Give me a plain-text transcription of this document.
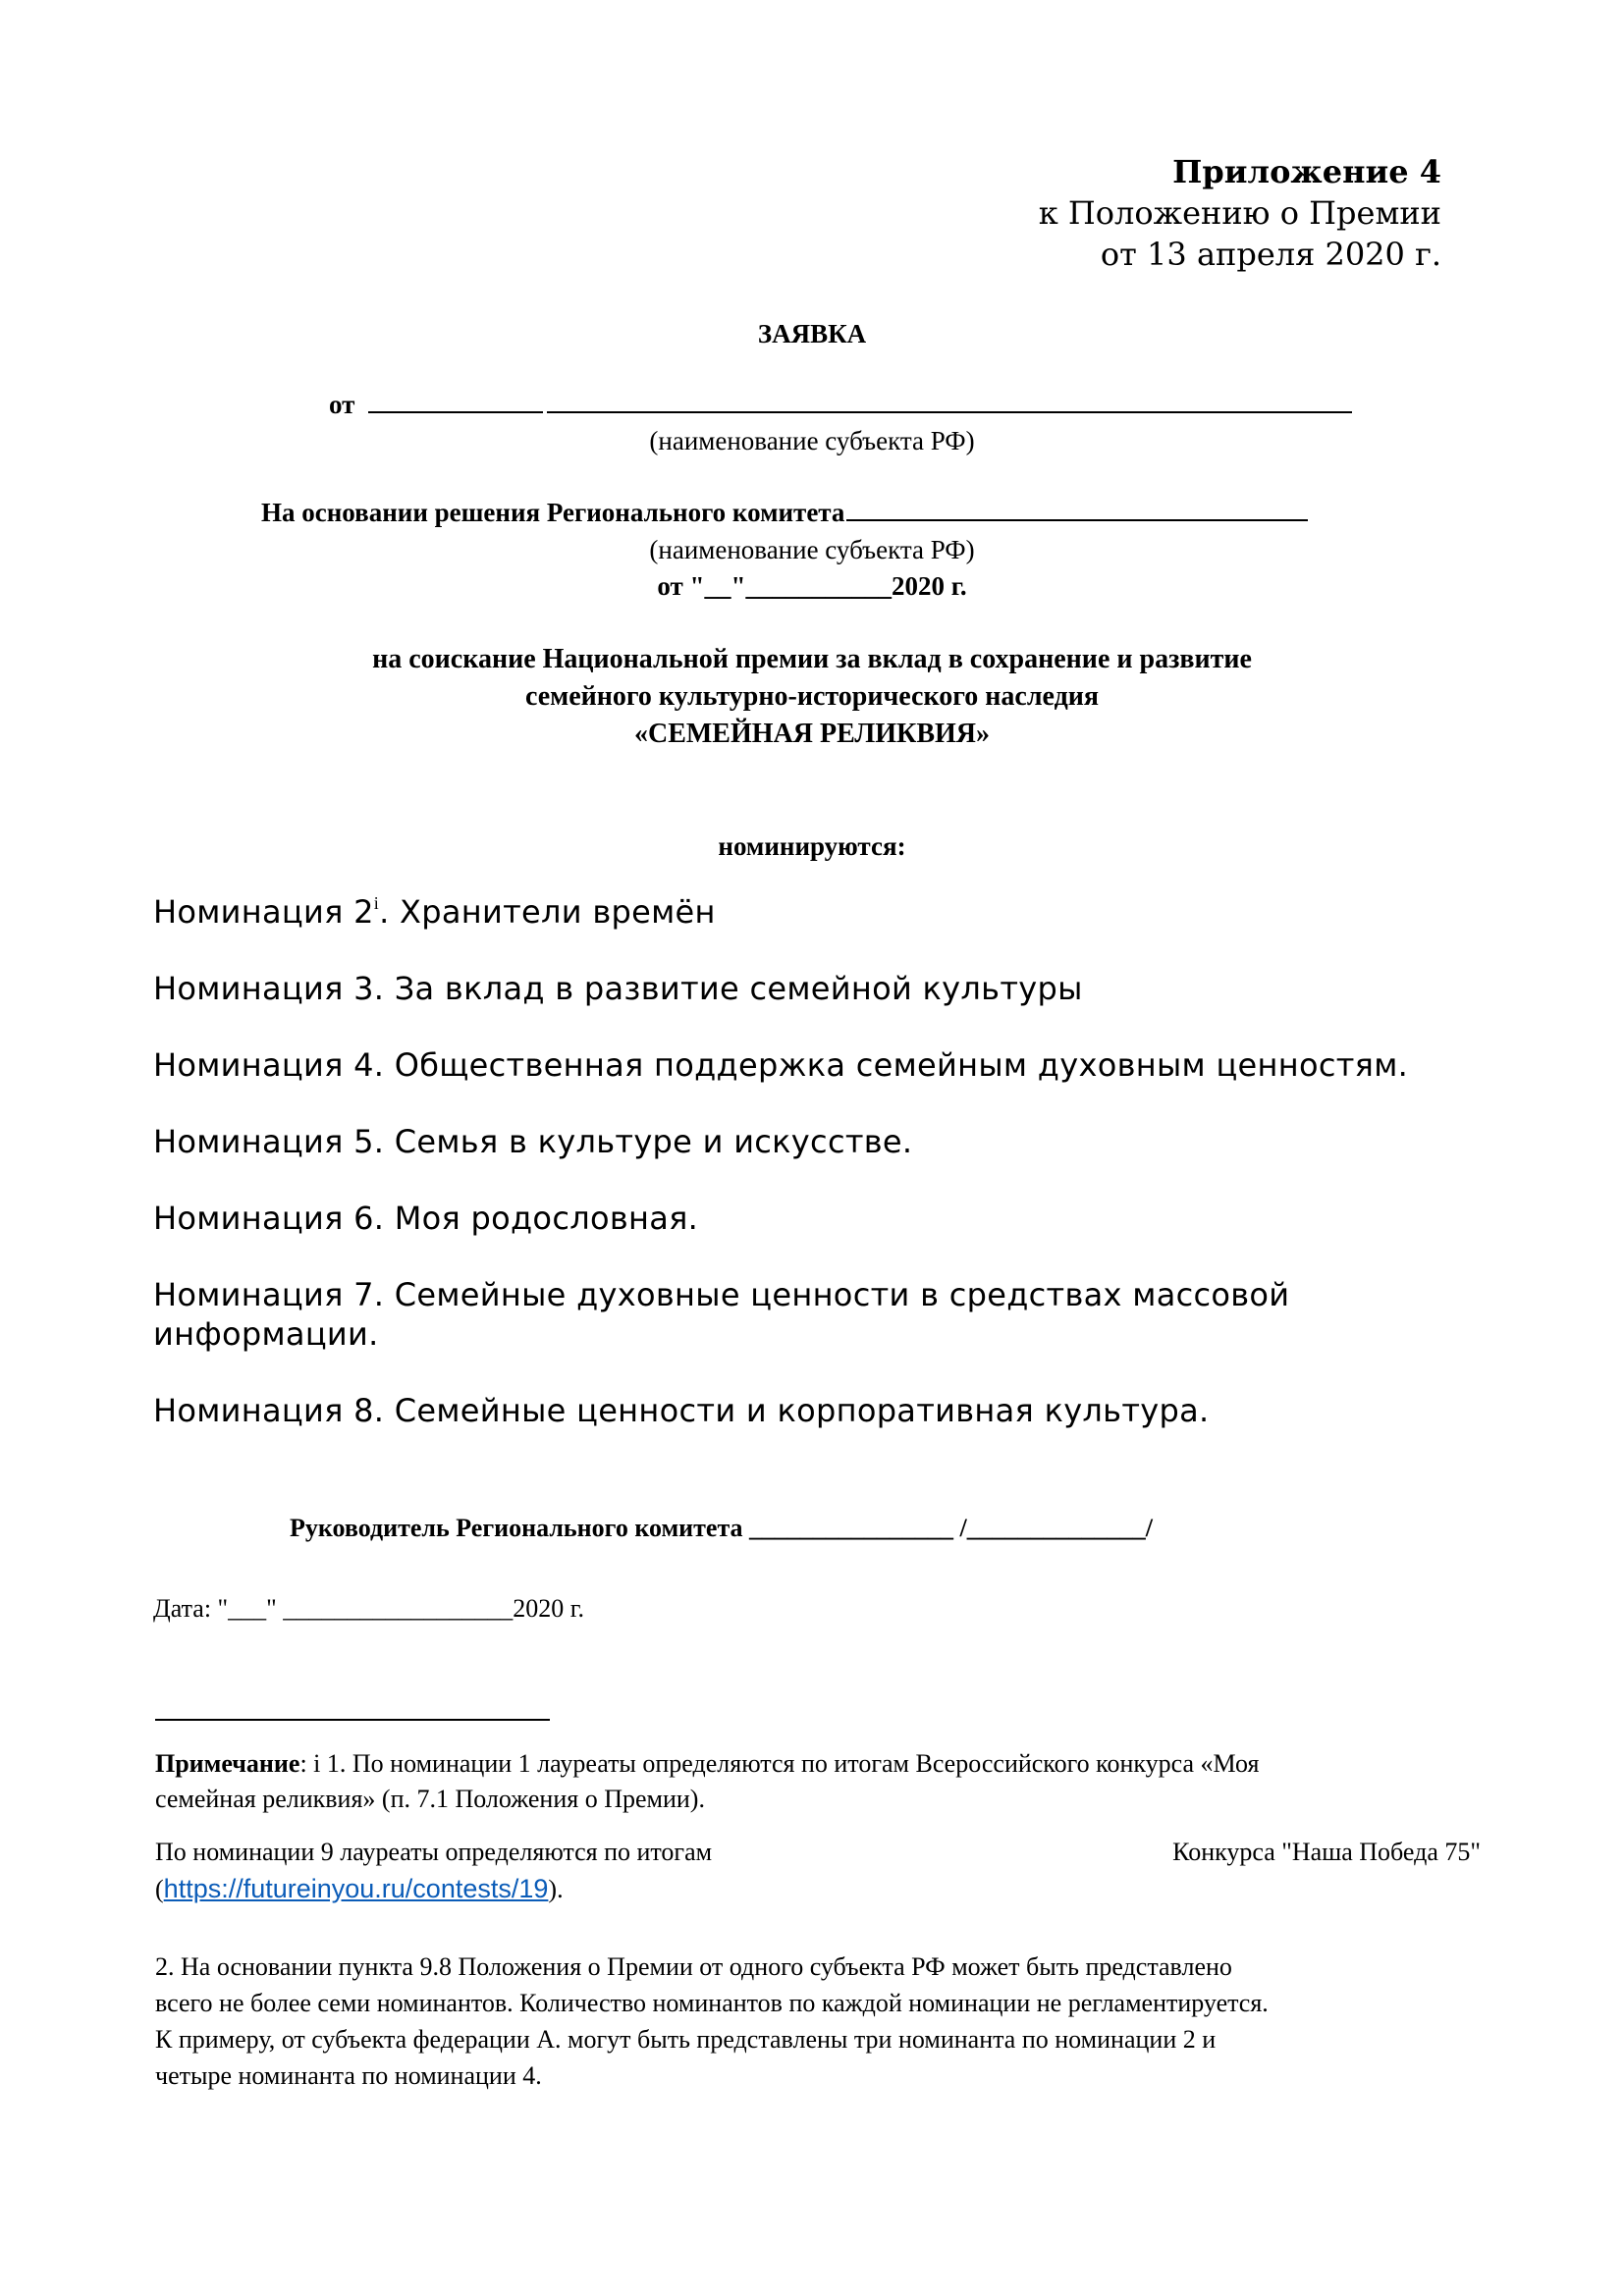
Приложение 4
к Положению о Премии
от 13 апреля 2020 г.
ЗАЯВКА
от
(наименование субъекта РФ)
На основании решения Регионального комитета
(наименование субъекта РФ)
от "__"___________2020 г.
на соискание Национальной премии за вклад в сохранение и развитие
семейного культурно-исторического наследия
«СЕМЕЙНАЯ РЕЛИКВИЯ»
номинируются:
Номинация 2$^i$. Хранители времён
Номинация 3. За вклад в развитие семейной культуры
Номинация 4. Общественная поддержка семейным духовным ценностям.
Номинация 5. Семья в культуре и искусстве.
Номинация 6. Моя родословная.
Номинация 7. Семейные духовные ценности в средствах массовой
информации.
Номинация 8. Семейные ценности и корпоративная культура.
Руководитель Регионального комитета ________________ /______________/
Дата: "___" __________________2020 г.
Примечание: i 1. По номинации 1 лауреаты определяются по итогам Всероссийского конкурса «Моя
семейная реликвия» (п. 7.1 Положения о Премии).
По номинации 9 лауреаты определяются по итогам	Конкурса "Наша Победа 75"
(https://futureinyou.ru/contests/19).
2. На основании пункта 9.8 Положения о Премии от одного субъекта РФ может быть представлено
всего не более семи номинантов. Количество номинантов по каждой номинации не регламентируется.
К примеру, от субъекта федерации А. могут быть представлены три номинанта по номинации 2 и
четыре номинанта по номинации 4.
